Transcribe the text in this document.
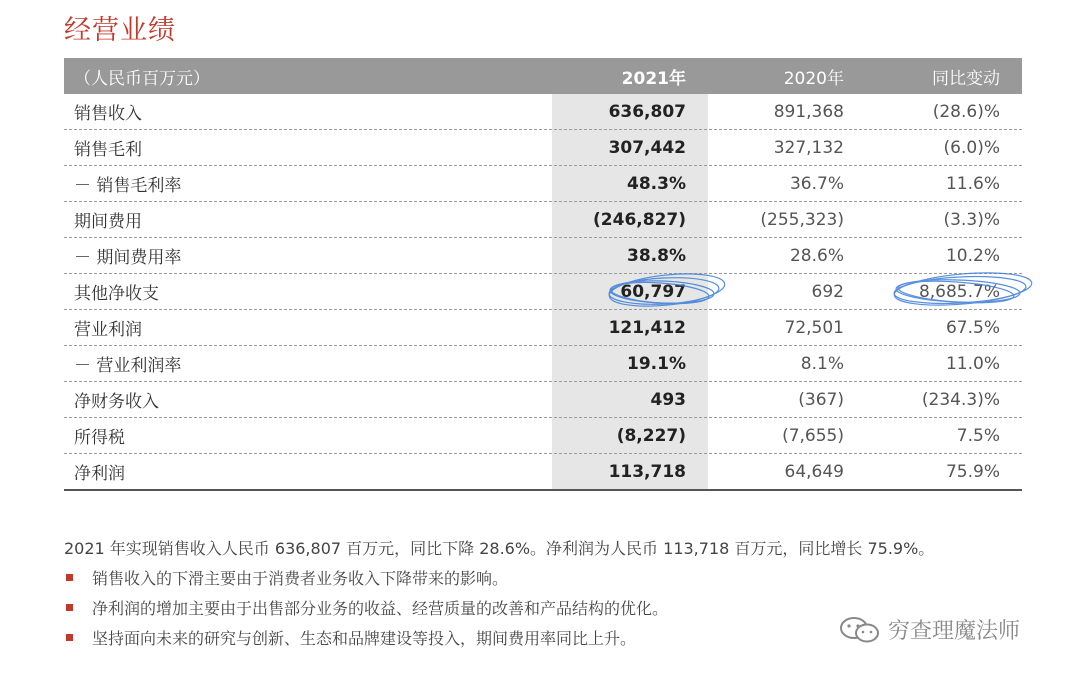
经营业绩
（人民币百万元）	2021年	2020年	同比变动
销售收入	636,807	891,368	(28.6)%
销售毛利	307,442	327,132	(6.0)%
－ 销售毛利率	48.3%	36.7%	11.6%
期间费用	(246,827)	(255,323)	(3.3)%
－ 期间费用率	38.8%	28.6%	10.2%
其他净收支	60,797	692	8,685.7%
营业利润	121,412	72,501	67.5%
－ 营业利润率	19.1%	8.1%	11.0%
净财务收入	493	(367)	(234.3)%
所得税	(8,227)	(7,655)	7.5%
净利润	113,718	64,649	75.9%
2021 年实现销售收入人民币 636,807 百万元，同比下降 28.6%。净利润为人民币 113,718 百万元，同比增长 75.9%。
销售收入的下滑主要由于消费者业务收入下降带来的影响。
净利润的增加主要由于出售部分业务的收益、经营质量的改善和产品结构的优化。
坚持面向未来的研究与创新、生态和品牌建设等投入，期间费用率同比上升。	穷查理魔法师
